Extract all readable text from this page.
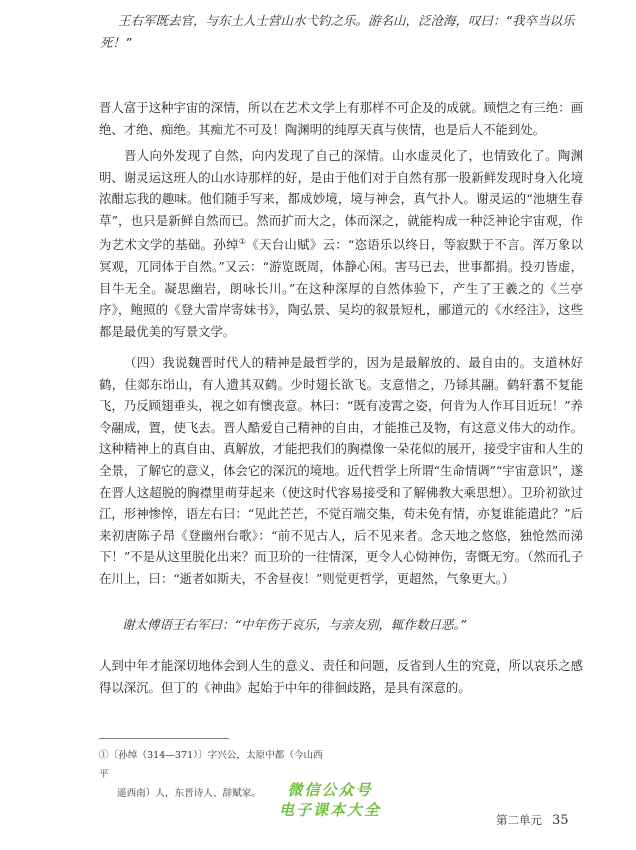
王右军既去官，与东土人士营山水弋钓之乐。游名山，泛沧海，叹曰：“我卒当以乐死！”

晋人富于这种宇宙的深情，所以在艺术文学上有那样不可企及的成就。顾恺之有三绝：画绝、才绝、痴绝。其痴尤不可及！陶渊明的纯厚天真与侠情，也是后人不能到处。

晋人向外发现了自然，向内发现了自己的深情。山水虚灵化了，也情致化了。陶渊明、谢灵运这班人的山水诗那样的好，是由于他们对于自然有那一股新鲜发现时身入化境浓酣忘我的趣味。他们随手写来，都成妙境，境与神会，真气扑人。谢灵运的“池塘生春草”，也只是新鲜自然而已。然而扩而大之，体而深之，就能构成一种泛神论宇宙观，作为艺术文学的基础。孙绰①《天台山赋》云：“恣语乐以终日，等寂默于不言。浑万象以冥观，兀同体于自然。”又云：“游览既周，体静心闲。害马已去，世事都捐。投刃皆虚，目牛无全。凝思幽岩，朗咏长川。”在这种深厚的自然体验下，产生了王羲之的《兰亭序》，鲍照的《登大雷岸寄妹书》，陶弘景、吴均的叙景短札，郦道元的《水经注》，这些都是最优美的写景文学。

（四）我说魏晋时代人的精神是最哲学的，因为是最解放的、最自由的。支道林好鹤，住郯东岇山，有人遗其双鹤。少时翅长欲飞。支意惜之，乃铩其翮。鹤轩翥不复能飞，乃反顾翅垂头，视之如有懊丧意。林曰：“既有凌霄之姿，何肯为人作耳目近玩！”养令翮成，置，使飞去。晋人酷爱自己精神的自由，才能推己及物，有这意义伟大的动作。这种精神上的真自由、真解放，才能把我们的胸襟像一朵花似的展开，接受宇宙和人生的全景，了解它的意义，体会它的深沉的境地。近代哲学上所谓“生命情调”“宇宙意识”，遂在晋人这超脱的胸襟里萌芽起来（使这时代容易接受和了解佛教大乘思想）。卫玠初欲过江，形神惨悴，语左右曰：“见此芒芒，不觉百端交集，苟未免有情，亦复谁能遣此？”后来初唐陈子昂《登幽州台歌》：“前不见古人，后不见来者。念天地之悠悠，独怆然而涕下！”不是从这里脱化出来？而卫玠的一往情深，更令人心恸神伤，寄慨无穷。（然而孔子在川上，曰：“逝者如斯夫，不舍昼夜！”则觉更哲学，更超然，气象更大。）

谢太傅语王右军曰：“中年伤于哀乐，与亲友别，辄作数日恶。”

人到中年才能深切地体会到人生的意义、责任和问题，反省到人生的究竟，所以哀乐之感得以深沉。但丁的《神曲》起始于中年的徘徊歧路，是具有深意的。

①〔孙绰（314—371）〕字兴公，太原中都（今山西平
遥西南）人，东晋诗人、辞赋家。	微信公众号
电子课本大全
第二单元 35
